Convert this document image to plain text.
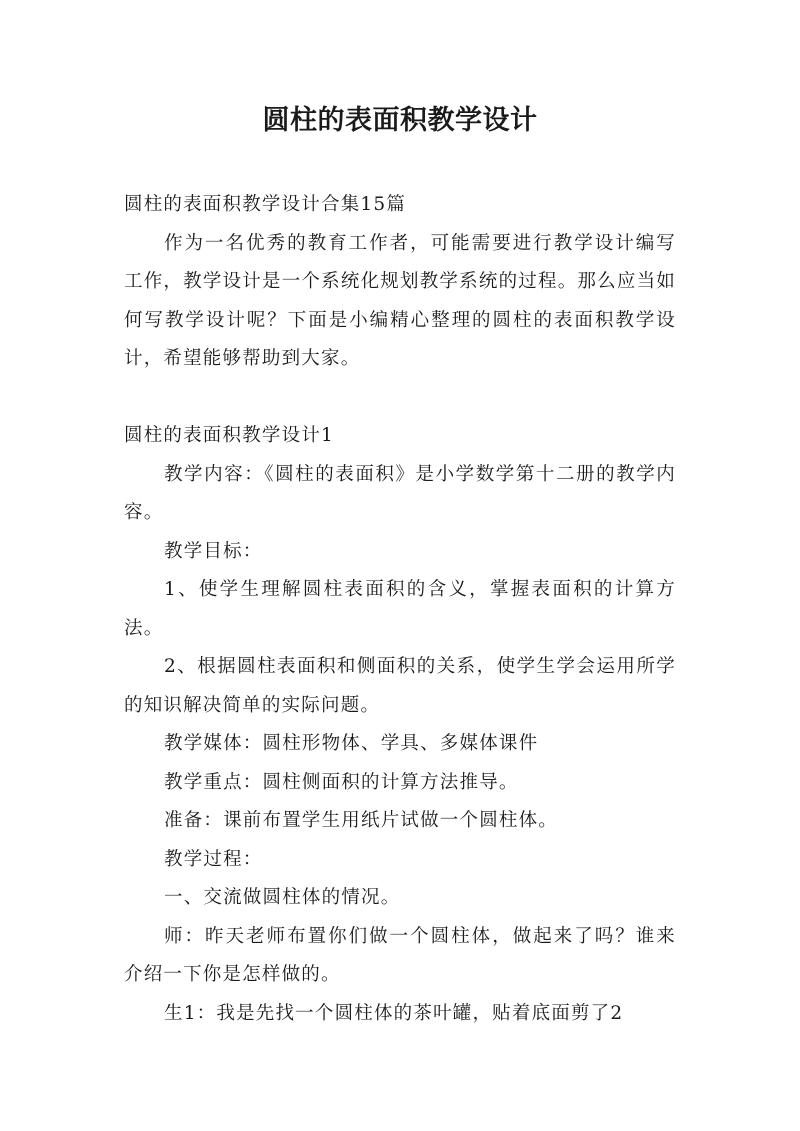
圆柱的表面积教学设计

圆柱的表面积教学设计合集15篇

作为一名优秀的教育工作者，可能需要进行教学设计编写工作，教学设计是一个系统化规划教学系统的过程。那么应当如何写教学设计呢？下面是小编精心整理的圆柱的表面积教学设计，希望能够帮助到大家。

圆柱的表面积教学设计1

教学内容：《圆柱的表面积》是小学数学第十二册的教学内容。

教学目标：

1、使学生理解圆柱表面积的含义，掌握表面积的计算方法。

2、根据圆柱表面积和侧面积的关系，使学生学会运用所学的知识解决简单的实际问题。

教学媒体：圆柱形物体、学具、多媒体课件

教学重点：圆柱侧面积的计算方法推导。

准备：课前布置学生用纸片试做一个圆柱体。

教学过程：

一、交流做圆柱体的情况。

师：昨天老师布置你们做一个圆柱体，做起来了吗？谁来介绍一下你是怎样做的。

生1：我是先找一个圆柱体的茶叶罐，贴着底面剪了2
